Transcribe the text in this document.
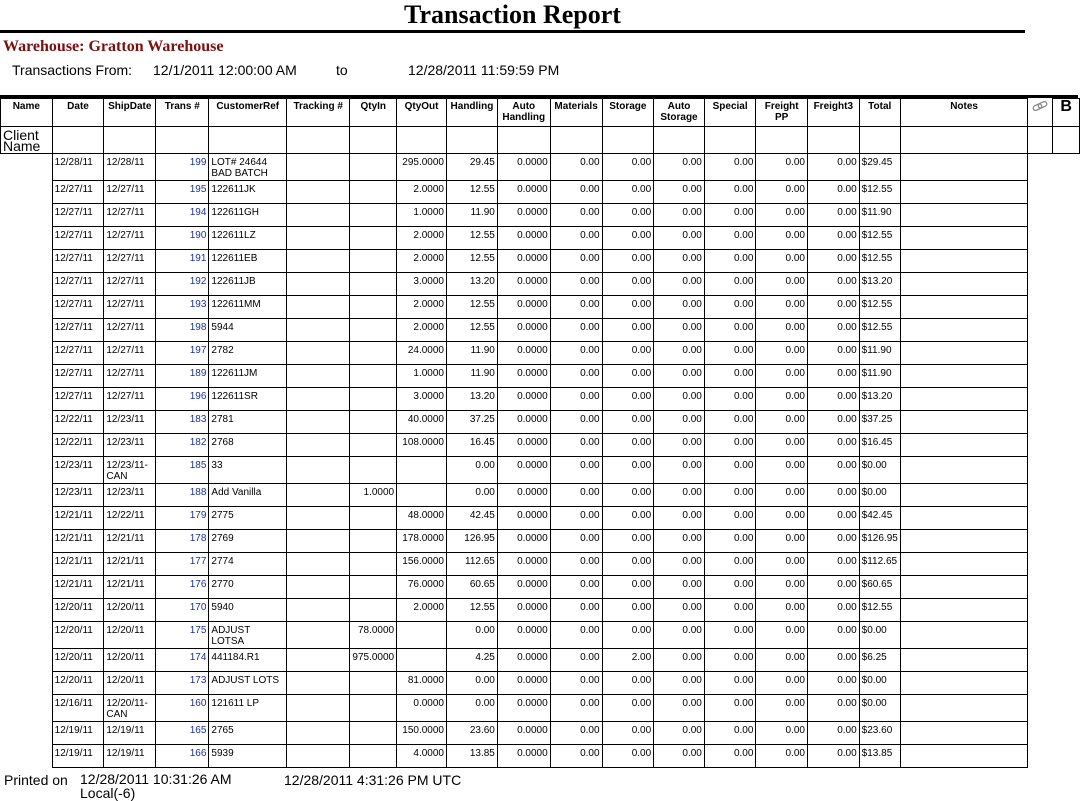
Transaction Report
Warehouse: Gratton Warehouse
Transactions From: 12/1/2011 12:00:00 AM	to	12/28/2011 11:59:59 PM
Name	Date	ShipDate	Trans #	CustomerRef	Tracking #	QtyIn	QtyOut	Handling	Auto Handling	Materials	Storage	Auto Storage	Special	Freight PP	Freight3	Total	Notes		B
Client Name																			
	12/28/11	12/28/11	199	LOT# 24644 BAD BATCH			295.0000	29.45	0.0000	0.00	0.00	0.00	0.00	0.00	0.00	$29.45			
	12/27/11	12/27/11	195	122611JK			2.0000	12.55	0.0000	0.00	0.00	0.00	0.00	0.00	0.00	$12.55			
	12/27/11	12/27/11	194	122611GH			1.0000	11.90	0.0000	0.00	0.00	0.00	0.00	0.00	0.00	$11.90			
	12/27/11	12/27/11	190	122611LZ			2.0000	12.55	0.0000	0.00	0.00	0.00	0.00	0.00	0.00	$12.55			
	12/27/11	12/27/11	191	122611EB			2.0000	12.55	0.0000	0.00	0.00	0.00	0.00	0.00	0.00	$12.55			
	12/27/11	12/27/11	192	122611JB			3.0000	13.20	0.0000	0.00	0.00	0.00	0.00	0.00	0.00	$13.20			
	12/27/11	12/27/11	193	122611MM			2.0000	12.55	0.0000	0.00	0.00	0.00	0.00	0.00	0.00	$12.55			
	12/27/11	12/27/11	198	5944			2.0000	12.55	0.0000	0.00	0.00	0.00	0.00	0.00	0.00	$12.55			
	12/27/11	12/27/11	197	2782			24.0000	11.90	0.0000	0.00	0.00	0.00	0.00	0.00	0.00	$11.90			
	12/27/11	12/27/11	189	122611JM			1.0000	11.90	0.0000	0.00	0.00	0.00	0.00	0.00	0.00	$11.90			
	12/27/11	12/27/11	196	122611SR			3.0000	13.20	0.0000	0.00	0.00	0.00	0.00	0.00	0.00	$13.20			
	12/22/11	12/23/11	183	2781			40.0000	37.25	0.0000	0.00	0.00	0.00	0.00	0.00	0.00	$37.25			
	12/22/11	12/23/11	182	2768			108.0000	16.45	0.0000	0.00	0.00	0.00	0.00	0.00	0.00	$16.45			
	12/23/11	12/23/11-CAN	185	33				0.00	0.0000	0.00	0.00	0.00	0.00	0.00	0.00	$0.00			
	12/23/11	12/23/11	188	Add Vanilla		1.0000		0.00	0.0000	0.00	0.00	0.00	0.00	0.00	0.00	$0.00			
	12/21/11	12/22/11	179	2775			48.0000	42.45	0.0000	0.00	0.00	0.00	0.00	0.00	0.00	$42.45			
	12/21/11	12/21/11	178	2769			178.0000	126.95	0.0000	0.00	0.00	0.00	0.00	0.00	0.00	$126.95			
	12/21/11	12/21/11	177	2774			156.0000	112.65	0.0000	0.00	0.00	0.00	0.00	0.00	0.00	$112.65			
	12/21/11	12/21/11	176	2770			76.0000	60.65	0.0000	0.00	0.00	0.00	0.00	0.00	0.00	$60.65			
	12/20/11	12/20/11	170	5940			2.0000	12.55	0.0000	0.00	0.00	0.00	0.00	0.00	0.00	$12.55			
	12/20/11	12/20/11	175	ADJUST LOTSA		78.0000		0.00	0.0000	0.00	0.00	0.00	0.00	0.00	0.00	$0.00			
	12/20/11	12/20/11	174	441184.R1		975.0000		4.25	0.0000	0.00	2.00	0.00	0.00	0.00	0.00	$6.25			
	12/20/11	12/20/11	173	ADJUST LOTS			81.0000	0.00	0.0000	0.00	0.00	0.00	0.00	0.00	0.00	$0.00			
	12/16/11	12/20/11-CAN	160	121611 LP			0.0000	0.00	0.0000	0.00	0.00	0.00	0.00	0.00	0.00	$0.00			
	12/19/11	12/19/11	165	2765			150.0000	23.60	0.0000	0.00	0.00	0.00	0.00	0.00	0.00	$23.60			
	12/19/11	12/19/11	166	5939			4.0000	13.85	0.0000	0.00	0.00	0.00	0.00	0.00	0.00	$13.85			
Printed on 12/28/2011 10:31:26 AM Local(-6)
12/28/2011 4:31:26 PM UTC
